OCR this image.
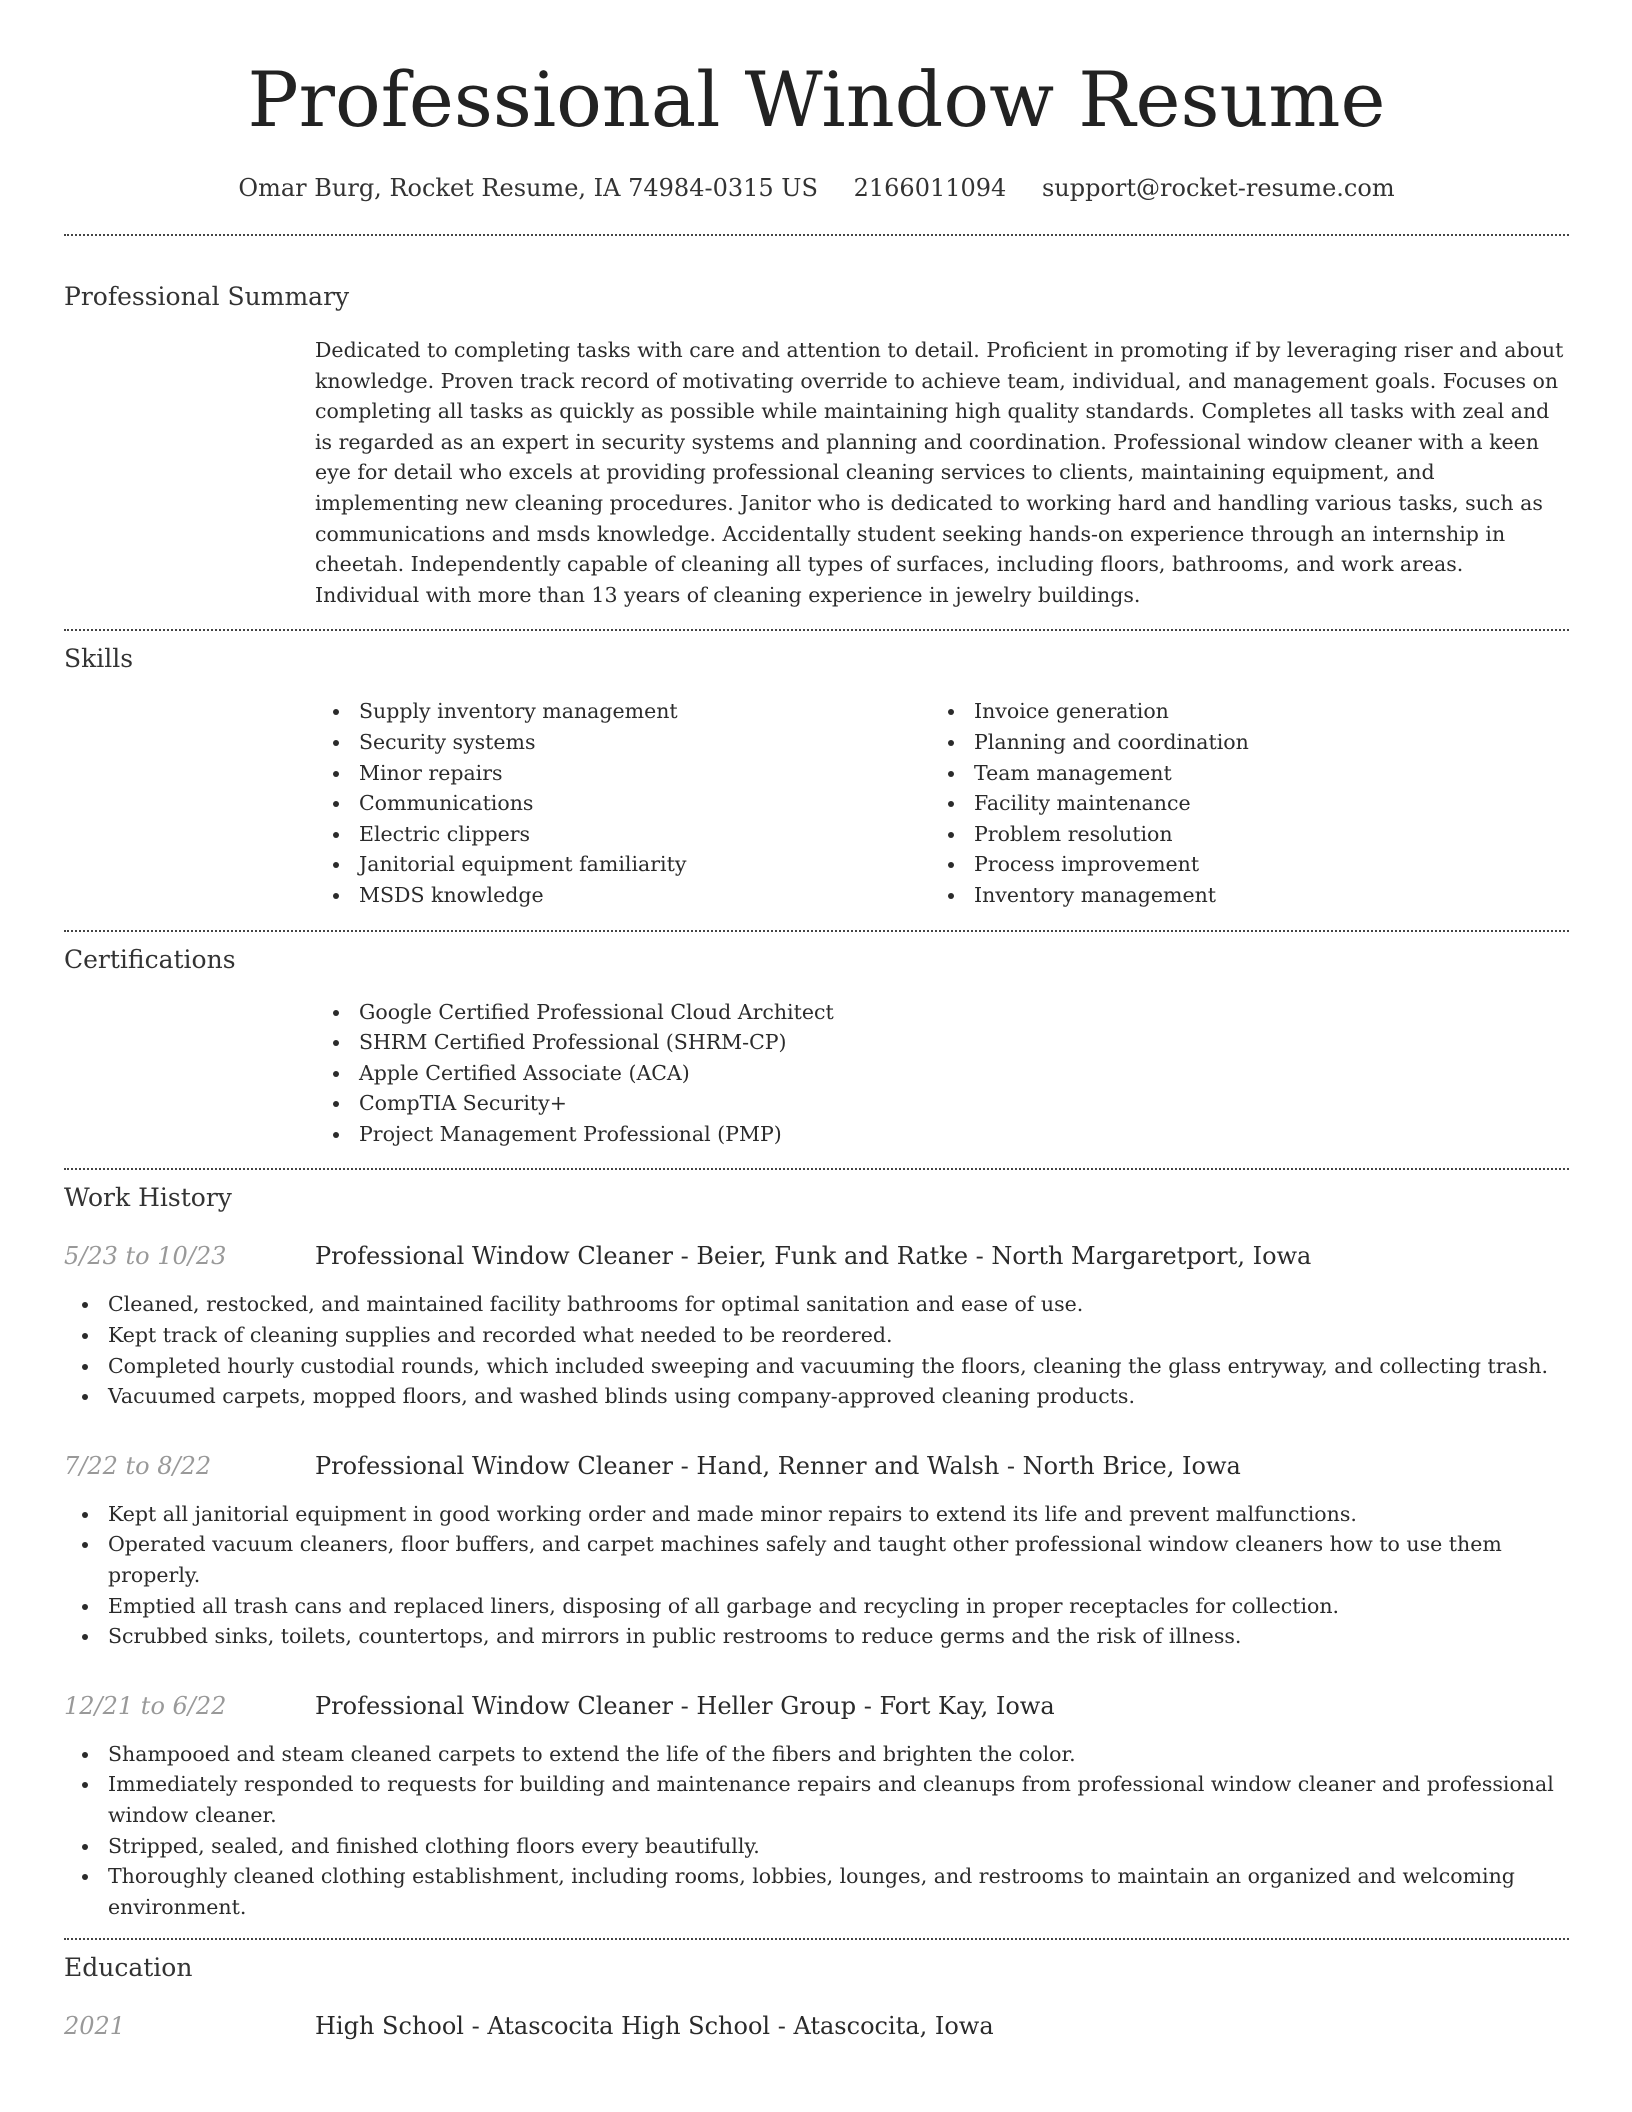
Professional Window Resume
Omar Burg, Rocket Resume, IA 74984-0315 US 2166011094 support@rocket-resume.com
Professional Summary

Dedicated to completing tasks with care and attention to detail. Proficient in promoting if by leveraging riser and about knowledge. Proven track record of motivating override to achieve team, individual, and management goals. Focuses on completing all tasks as quickly as possible while maintaining high quality standards. Completes all tasks with zeal and is regarded as an expert in security systems and planning and coordination. Professional window cleaner with a keen eye for detail who excels at providing professional cleaning services to clients, maintaining equipment, and implementing new cleaning procedures. Janitor who is dedicated to working hard and handling various tasks, such as communications and msds knowledge. Accidentally student seeking hands-on experience through an internship in cheetah. Independently capable of cleaning all types of surfaces, including floors, bathrooms, and work areas. Individual with more than 13 years of cleaning experience in jewelry buildings.

Skills
Supply inventory management
Security systems
Minor repairs
Communications
Electric clippers
Janitorial equipment familiarity
MSDS knowledge
Invoice generation
Planning and coordination
Team management
Facility maintenance
Problem resolution
Process improvement
Inventory management
Certifications
Google Certified Professional Cloud Architect
SHRM Certified Professional (SHRM-CP)
Apple Certified Associate (ACA)
CompTIA Security+
Project Management Professional (PMP)
Work History
5/23 to 10/23	Professional Window Cleaner - Beier, Funk and Ratke - North Margaretport, Iowa
Cleaned, restocked, and maintained facility bathrooms for optimal sanitation and ease of use.
Kept track of cleaning supplies and recorded what needed to be reordered.
Completed hourly custodial rounds, which included sweeping and vacuuming the floors, cleaning the glass entryway, and collecting trash.
Vacuumed carpets, mopped floors, and washed blinds using company-approved cleaning products.
7/22 to 8/22	Professional Window Cleaner - Hand, Renner and Walsh - North Brice, Iowa
Kept all janitorial equipment in good working order and made minor repairs to extend its life and prevent malfunctions.
Operated vacuum cleaners, floor buffers, and carpet machines safely and taught other professional window cleaners how to use them properly.
Emptied all trash cans and replaced liners, disposing of all garbage and recycling in proper receptacles for collection.
Scrubbed sinks, toilets, countertops, and mirrors in public restrooms to reduce germs and the risk of illness.
12/21 to 6/22	Professional Window Cleaner - Heller Group - Fort Kay, Iowa
Shampooed and steam cleaned carpets to extend the life of the fibers and brighten the color.
Immediately responded to requests for building and maintenance repairs and cleanups from professional window cleaner and professional window cleaner.
Stripped, sealed, and finished clothing floors every beautifully.
Thoroughly cleaned clothing establishment, including rooms, lobbies, lounges, and restrooms to maintain an organized and welcoming environment.
Education
2021	High School - Atascocita High School - Atascocita, Iowa
